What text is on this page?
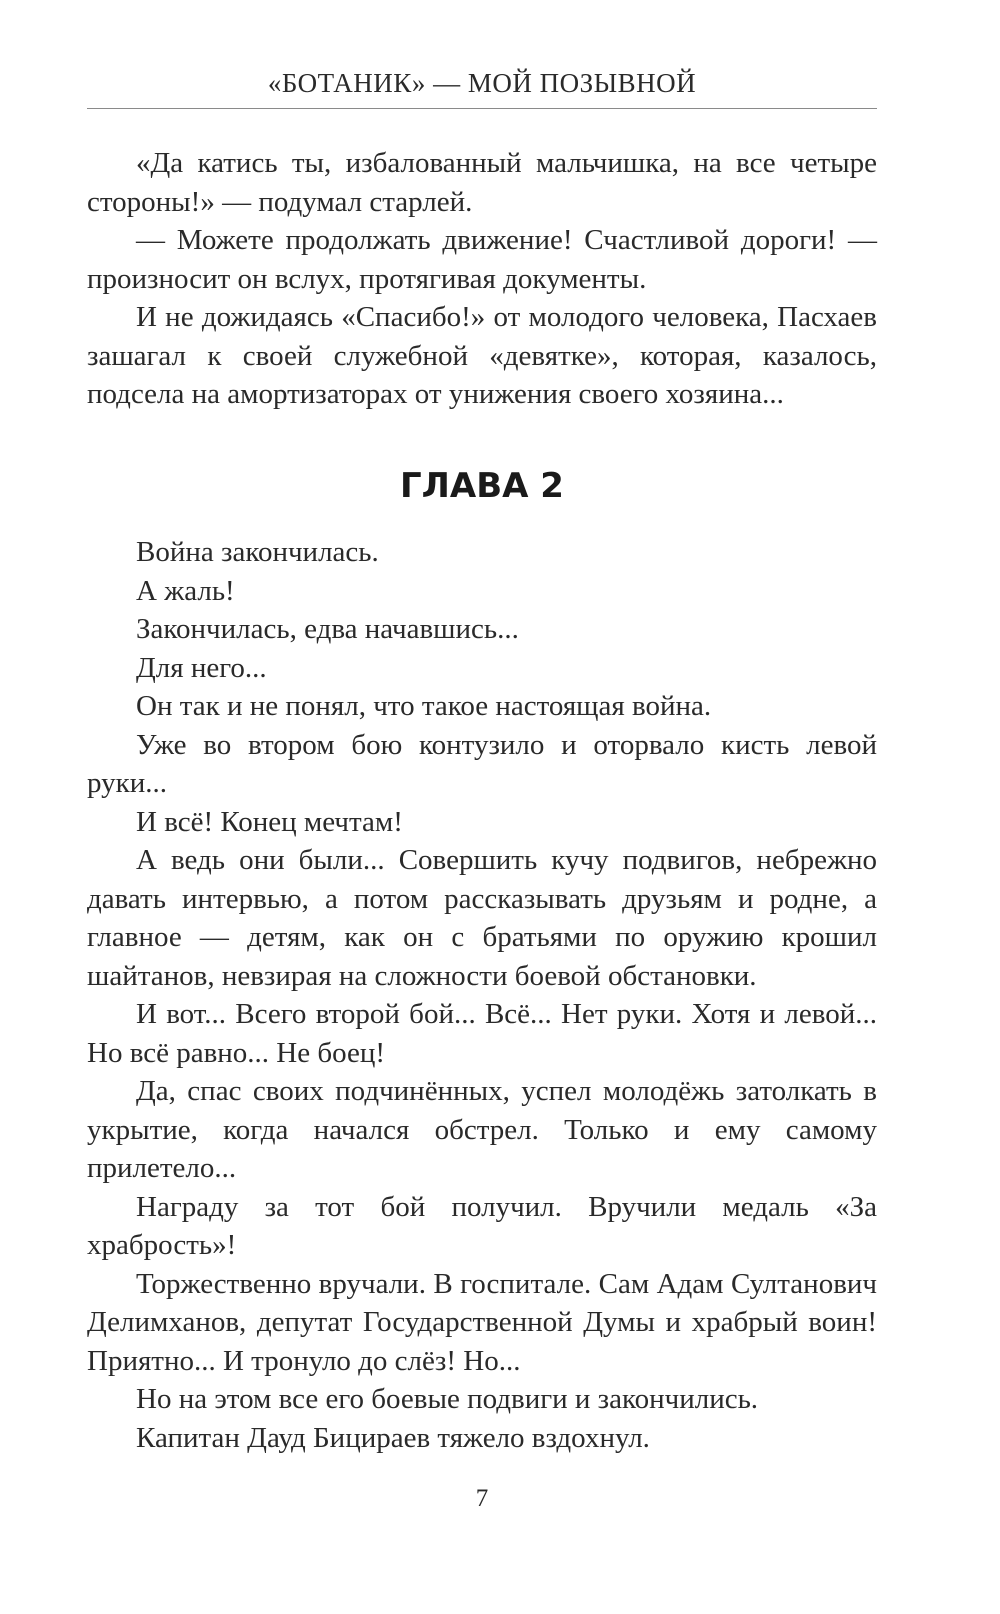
«БОТАНИК» — МОЙ ПОЗЫВНОЙ

«Да катись ты, избалованный мальчишка, на все четыре стороны!» — подумал старлей.

— Можете продолжать движение! Счастливой дороги! — произносит он вслух, протягивая документы.

И не дожидаясь «Спасибо!» от молодого человека, Пасхаев зашагал к своей служебной «девятке», которая, казалось, подсела на амортизаторах от унижения своего хозяина...

ГЛАВА 2

Война закончилась.

А жаль!

Закончилась, едва начавшись...

Для него...

Он так и не понял, что такое настоящая война.

Уже во втором бою контузило и оторвало кисть левой руки...

И всё! Конец мечтам!

А ведь они были... Совершить кучу подвигов, небрежно давать интервью, а потом рассказывать друзьям и родне, а главное — детям, как он с братьями по оружию крошил шайтанов, невзирая на сложности боевой обстановки.

И вот... Всего второй бой... Всё... Нет руки. Хотя и левой... Но всё равно... Не боец!

Да, спас своих подчинённых, успел молодёжь затолкать в укрытие, когда начался обстрел. Только и ему самому прилетело...

Награду за тот бой получил. Вручили медаль «За храбрость»!

Торжественно вручали. В госпитале. Сам Адам Султанович Делимханов, депутат Государственной Думы и храбрый воин! Приятно... И тронуло до слёз! Но...

Но на этом все его боевые подвиги и закончились.

Капитан Дауд Бицираев тяжело вздохнул.

7
